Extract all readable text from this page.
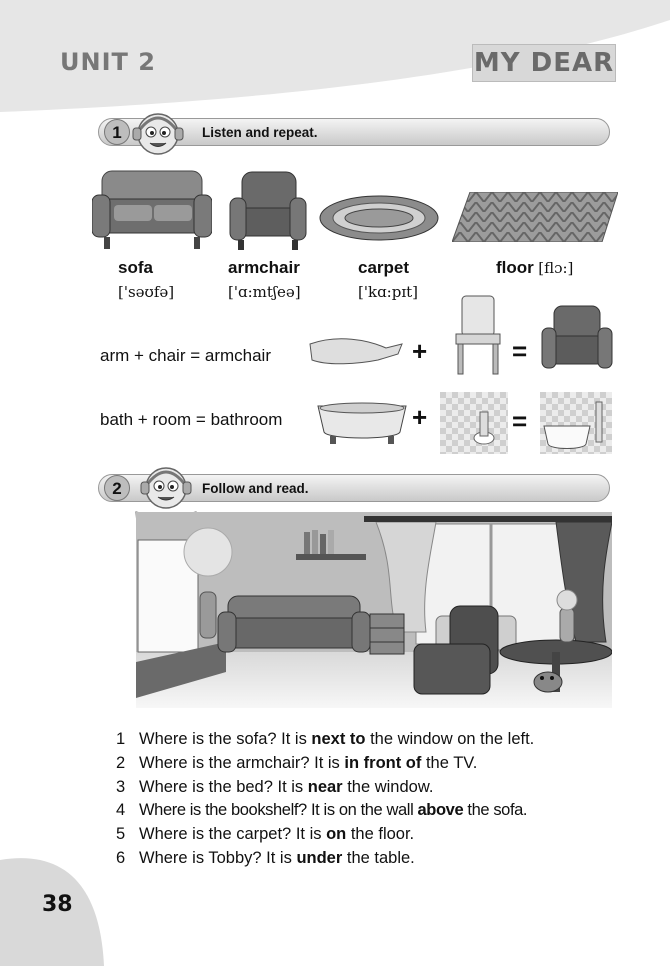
UNIT 2	MY DEAR
1	Listen and repeat.
sofa
['səʊfə]
armchair
['ɑ:mtʃeə]
carpet
['kɑ:pɪt]
floor [flɔ:]
arm + chair = armchair	+	=
bath + room = bathroom	+	=
2	Follow and read.
1 Where is the sofa? It is next to the window on the left.
2 Where is the armchair? It is in front of the TV.
3 Where is the bed? It is near the window.
4 Where is the bookshelf? It is on the wall above the sofa.
5 Where is the carpet? It is on the floor.
6 Where is Tobby? It is under the table.
38
